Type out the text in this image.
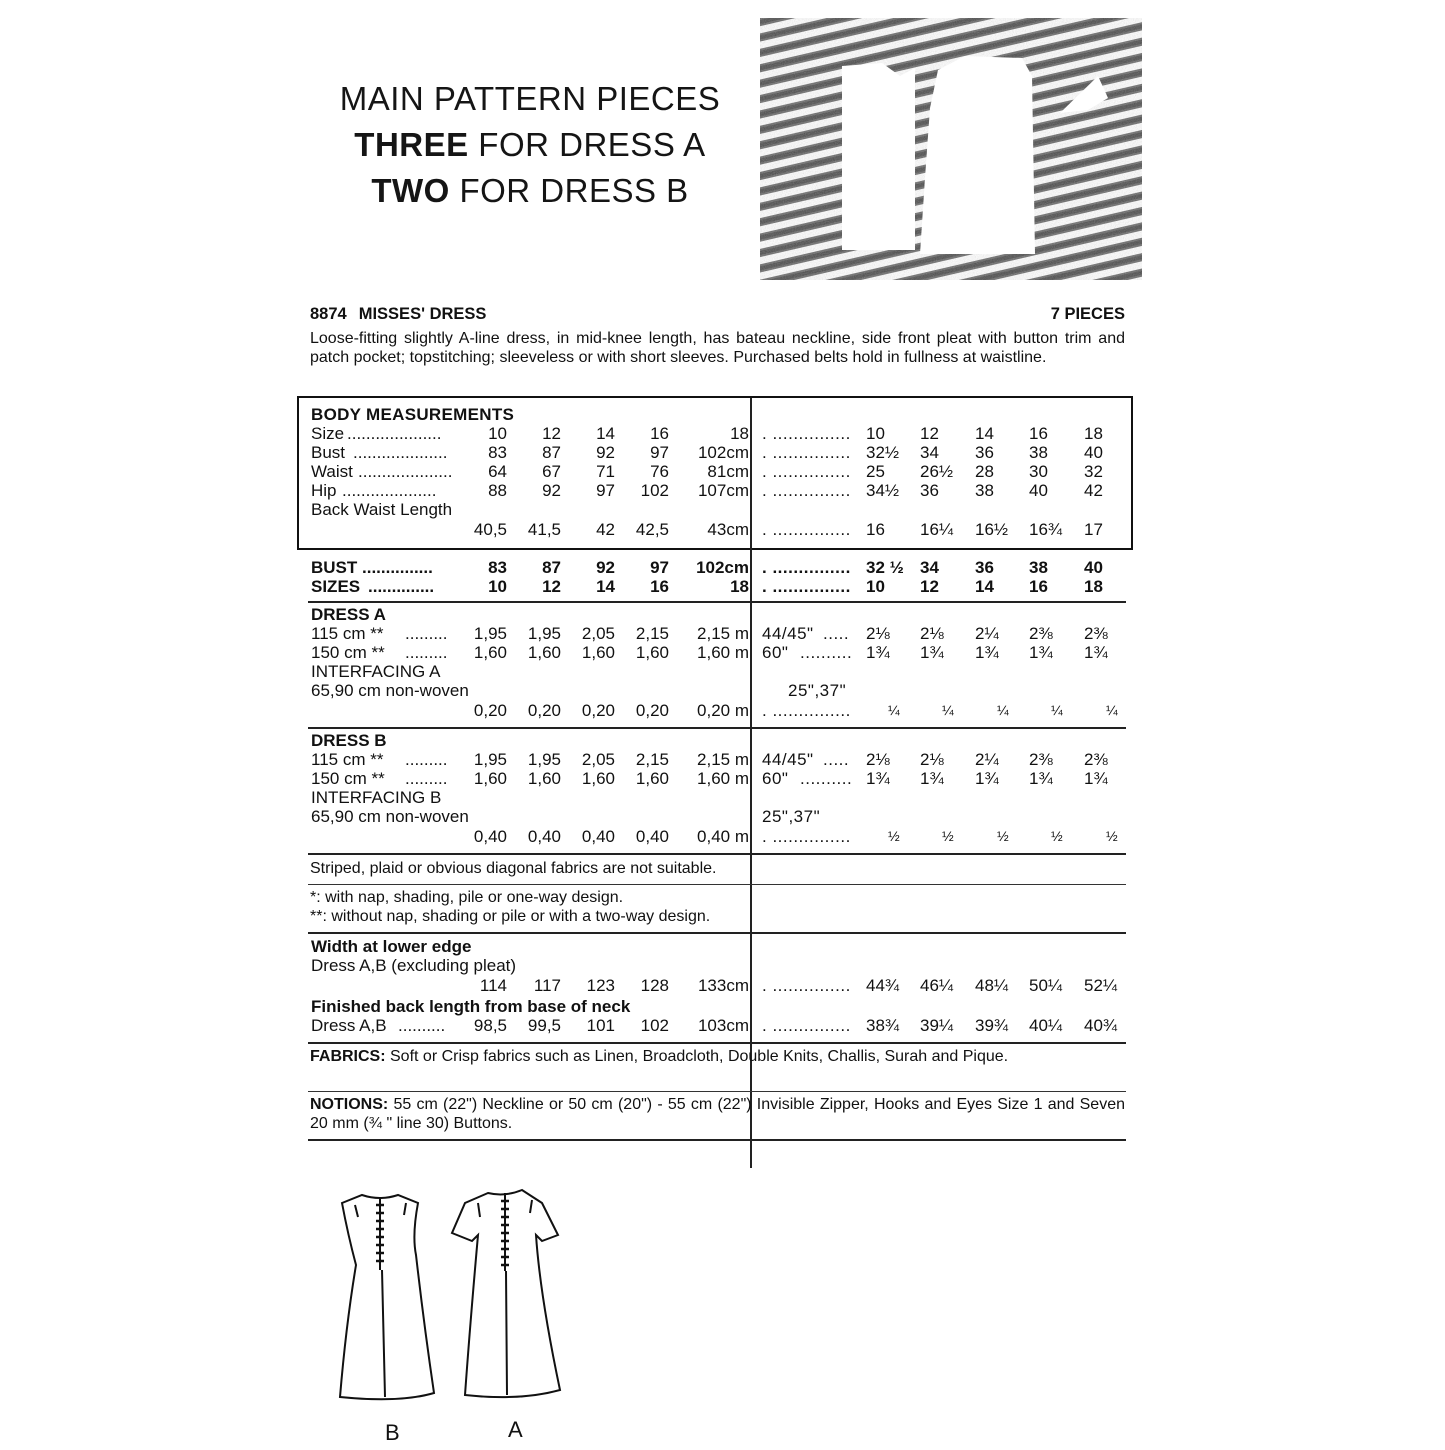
MAIN PATTERN PIECES
THREE FOR DRESS A
TWO FOR DRESS B
8874 MISSES' DRESS	7 PIECES
Loose-fitting slightly A-line dress, in mid-knee length, has bateau neckline, side front pleat with button trim and patch pocket; topstitching; sleeveless or with short sleeves. Purchased belts hold in fullness at waistline.
BODY MEASUREMENTS
Size ....................	10	12	14	16	18 . ............... 10 12 14 16 18
Bust ....................	83	87	92	97	102cm . ............... 32½ 34 36 38 40
Waist ....................	64	67	71	76	81cm . ............... 25 26½ 28 30 32
Hip ....................	88	92	97	102	107cm . ............... 34½ 36 38 40 42
Back Waist Length
40,5	41,5	42	42,5	43cm . ............... 16 16¼ 16½ 16¾ 17
BUST ...............	83	87	92	97	102cm . ............... 32 ½ 34 36 38 40
SIZES ..............	10	12	14	16	18 . ............... 10 12 14 16 18
DRESS A
115 cm ** .........	1,95	1,95	2,05	2,15	2,15 m 44/45" ..... 2⅛ 2⅛ 2¼ 2⅜ 2⅜
150 cm ** .........	1,60	1,60	1,60	1,60	1,60 m 60" .......... 1¾ 1¾ 1¾ 1¾ 1¾
INTERFACING A
65,90 cm non-woven	25",37"
0,20	0,20	0,20	0,20	0,20 m . ...............	¼	¼	¼	¼	¼
DRESS B
115 cm ** .........	1,95	1,95	2,05	2,15	2,15 m 44/45" ..... 2⅛ 2⅛ 2¼ 2⅜ 2⅜
150 cm ** .........	1,60	1,60	1,60	1,60	1,60 m 60" .......... 1¾ 1¾ 1¾ 1¾ 1¾
INTERFACING B
65,90 cm non-woven	25",37"
0,40	0,40	0,40	0,40	0,40 m . ...............	½	½	½	½	½
Striped, plaid or obvious diagonal fabrics are not suitable.
*: with nap, shading, pile or one-way design.
**: without nap, shading or pile or with a two-way design.
Width at lower edge
Dress A,B (excluding pleat)
114	117	123	128	133cm . ............... 44¾ 46¼ 48¼ 50¼ 52¼
Finished back length from base of neck
Dress A,B ..........	98,5	99,5	101	102	103cm . ............... 38¾ 39¼ 39¾ 40¼ 40¾
FABRICS: Soft or Crisp fabrics such as Linen, Broadcloth, Double Knits, Challis, Surah and Pique.
NOTIONS: 55 cm (22") Neckline or 50 cm (20") - 55 cm (22") Invisible Zipper, Hooks and Eyes Size 1 and Seven 20 mm (¾ " line 30) Buttons.
B	A
